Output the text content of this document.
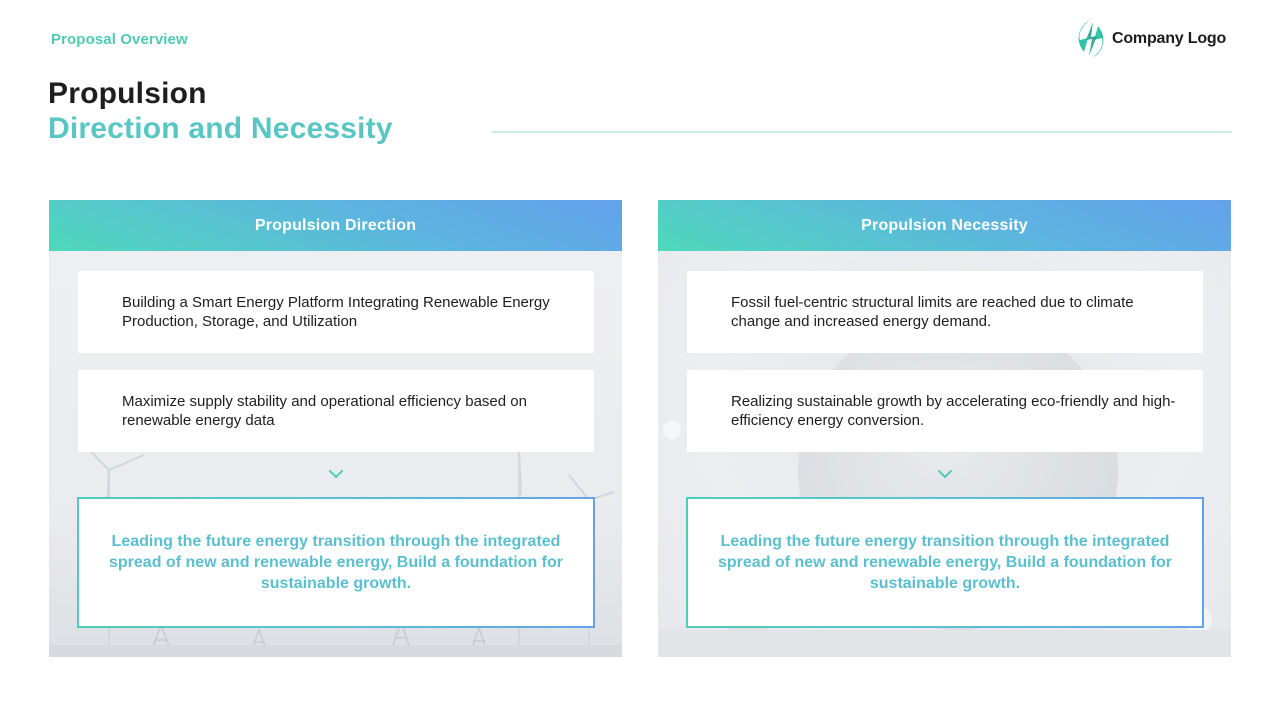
Proposal Overview	Company Logo
Propulsion
Direction and Necessity
Propulsion Direction

Building a Smart Energy Platform Integrating Renewable Energy Production, Storage, and Utilization

Maximize supply stability and operational efficiency based on renewable energy data

Leading the future energy transition through the integrated spread of new and renewable energy, Build a foundation for sustainable growth.

Propulsion Necessity

Fossil fuel-centric structural limits are reached due to climate change and increased energy demand.

Realizing sustainable growth by accelerating eco-friendly and high-efficiency energy conversion.

Leading the future energy transition through the integrated spread of new and renewable energy, Build a foundation for sustainable growth.
